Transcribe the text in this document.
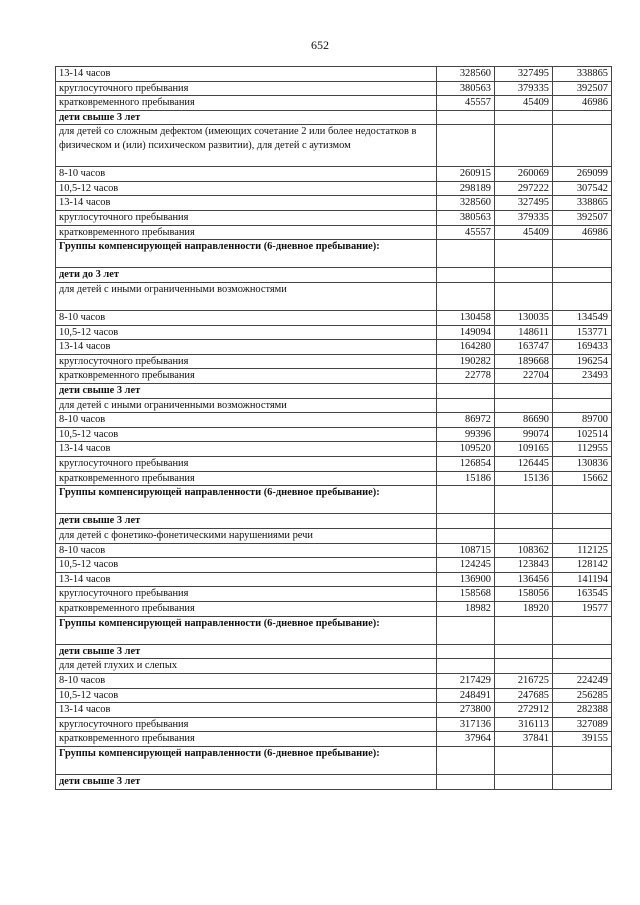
652
13-14 часов	328560	327495	338865
круглосуточного пребывания	380563	379335	392507
кратковременного пребывания	45557	45409	46986
дети свыше 3 лет			
для детей со сложным дефектом (имеющих сочетание 2 или более недостатков в физическом и (или) психическом развитии), для детей с аутизмом			
8-10 часов	260915	260069	269099
10,5-12 часов	298189	297222	307542
13-14 часов	328560	327495	338865
круглосуточного пребывания	380563	379335	392507
кратковременного пребывания	45557	45409	46986
Группы компенсирующей направленности (6-дневное пребывание):			
дети до 3 лет			
для детей с иными ограниченными возможностями			
8-10 часов	130458	130035	134549
10,5-12 часов	149094	148611	153771
13-14 часов	164280	163747	169433
круглосуточного пребывания	190282	189668	196254
кратковременного пребывания	22778	22704	23493
дети свыше 3 лет			
для детей с иными ограниченными возможностями			
8-10 часов	86972	86690	89700
10,5-12 часов	99396	99074	102514
13-14 часов	109520	109165	112955
круглосуточного пребывания	126854	126445	130836
кратковременного пребывания	15186	15136	15662
Группы компенсирующей направленности (6-дневное пребывание):			
дети свыше 3 лет			
для детей с фонетико-фонетическими нарушениями речи			
8-10 часов	108715	108362	112125
10,5-12 часов	124245	123843	128142
13-14 часов	136900	136456	141194
круглосуточного пребывания	158568	158056	163545
кратковременного пребывания	18982	18920	19577
Группы компенсирующей направленности (6-дневное пребывание):			
дети свыше 3 лет			
для детей глухих и слепых			
8-10 часов	217429	216725	224249
10,5-12 часов	248491	247685	256285
13-14 часов	273800	272912	282388
круглосуточного пребывания	317136	316113	327089
кратковременного пребывания	37964	37841	39155
Группы компенсирующей направленности (6-дневное пребывание):			
дети свыше 3 лет			
